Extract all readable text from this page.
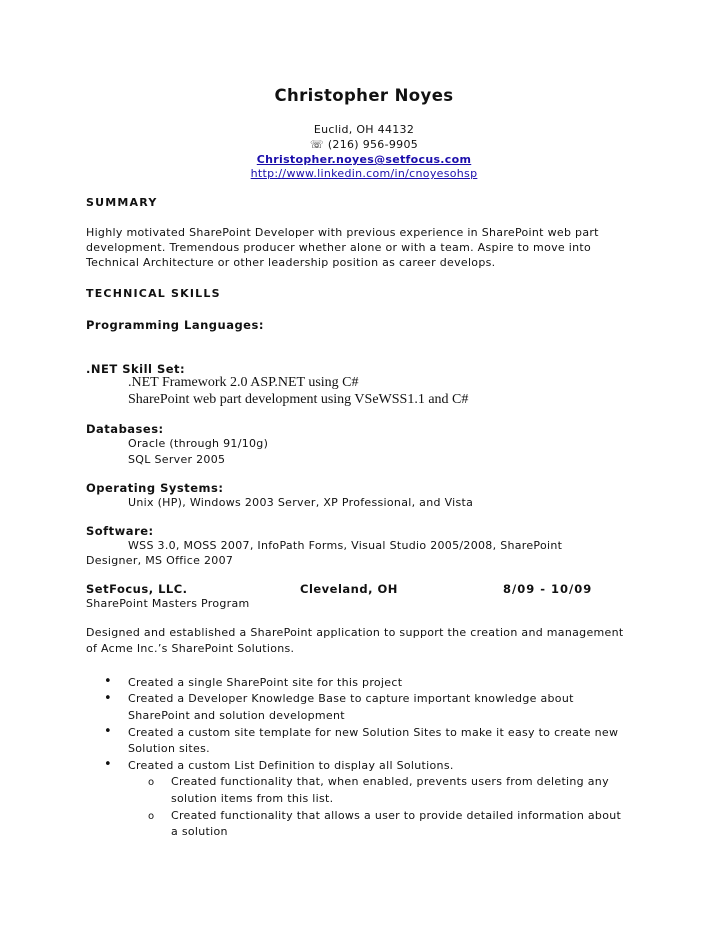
Christopher Noyes
Euclid, OH 44132
☏ (216) 956-9905
Christopher.noyes@setfocus.com
http://www.linkedin.com/in/cnoyesohsp
SUMMARY
Highly motivated SharePoint Developer with previous experience in SharePoint web part
development. Tremendous producer whether alone or with a team. Aspire to move into
Technical Architecture or other leadership position as career develops.
TECHNICAL SKILLS
Programming Languages:
.NET Skill Set:
.NET Framework 2.0 ASP.NET using C#
SharePoint web part development using VSeWSS1.1 and C#
Databases:
Oracle (through 91/10g)
SQL Server 2005
Operating Systems:
Unix (HP), Windows 2003 Server, XP Professional, and Vista
Software:
WSS 3.0, MOSS 2007, InfoPath Forms, Visual Studio 2005/2008, SharePoint
Designer, MS Office 2007
SetFocus, LLC.	Cleveland, OH	8/09 - 10/09
SharePoint Masters Program
Designed and established a SharePoint application to support the creation and management
of Acme Inc.’s SharePoint Solutions.
• Created a single SharePoint site for this project
• Created a Developer Knowledge Base to capture important knowledge about
SharePoint and solution development
• Created a custom site template for new Solution Sites to make it easy to create new
Solution sites.
• Created a custom List Definition to display all Solutions.
o Created functionality that, when enabled, prevents users from deleting any
solution items from this list.
o Created functionality that allows a user to provide detailed information about
a solution
